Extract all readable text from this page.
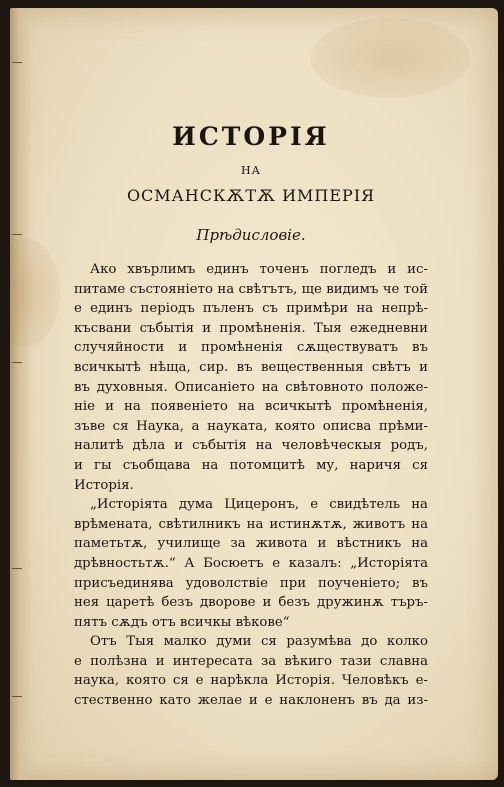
ИСТОРІЯ
НА
ОСМАНСКѪТѪ ИМПЕРІЯ
Прѣдисловіе.
Ако хвърлимъ единъ точенъ погледъ и ис-
питаме състояніето на свѣтътъ, ще видимъ че той
е единъ періодъ пъленъ съ примѣри на непрѣ-
късвани събытія и промѣненія. Тыя ежедневни
случяйности и промѣненія сѫществуватъ въ
всичкытѣ нѣща, сир. въ вещественныя свѣтъ и
въ духовныя. Описаніето на свѣтовното положе-
ніе и на появеніето на всичкытѣ промѣненія,
зъве ся Наука, а науката, която описва прѣми-
налитѣ дѣла и събытія на человѣческыя родъ,
и гы съобщава на потомцитѣ му, наричя ся
Исторія.
„Исторіята дума Цицеронъ, е свидѣтель на
врѣмената, свѣтилникъ на истинѫтѫ, животъ на
паметьтѫ, училище за живота и вѣстникъ на
дрѣвностьтѫ.“ А Босюетъ е казалъ: „Исторіята
присъединява удоволствіе при поученіето; въ
нея царетѣ безъ дворове и безъ дружинѫ търъ-
пятъ сѫдъ отъ всичкы вѣкове“
Отъ Тыя малко думи ся разумѣва до колко
е полѣзна и интересата за вѣкиго тази славна
наука, която ся е нарѣкла Исторія. Человѣкъ е-
стественно като желае и е наклоненъ въ да из-
